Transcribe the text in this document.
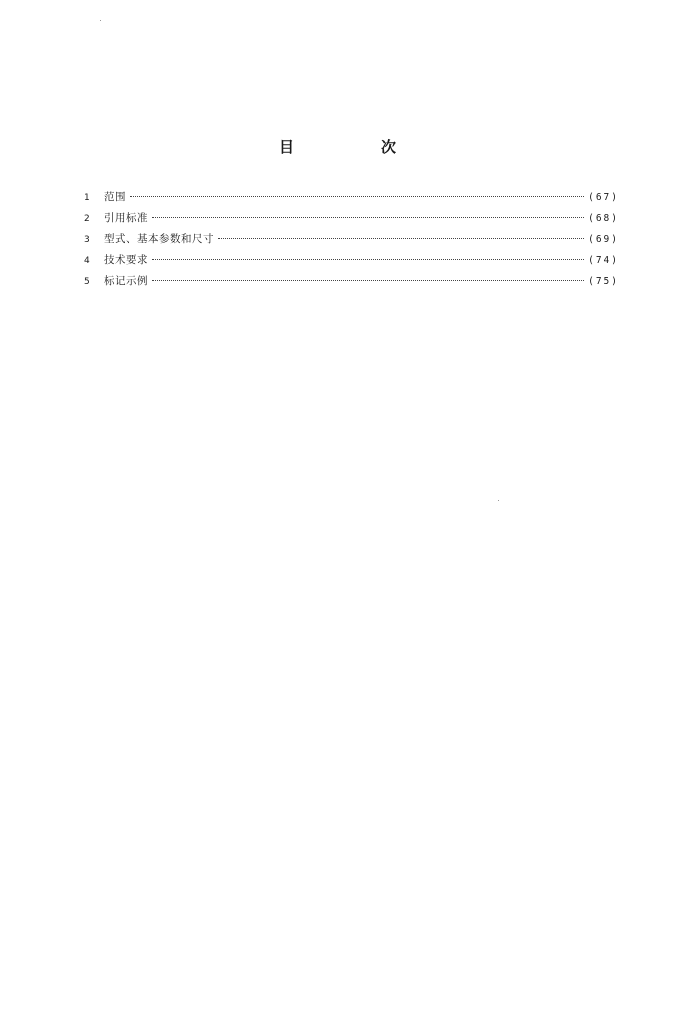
目　次
1	范围	(67)
2	引用标准	(68)
3	型式、基本参数和尺寸	(69)
4	技术要求	(74)
5	标记示例	(75)
